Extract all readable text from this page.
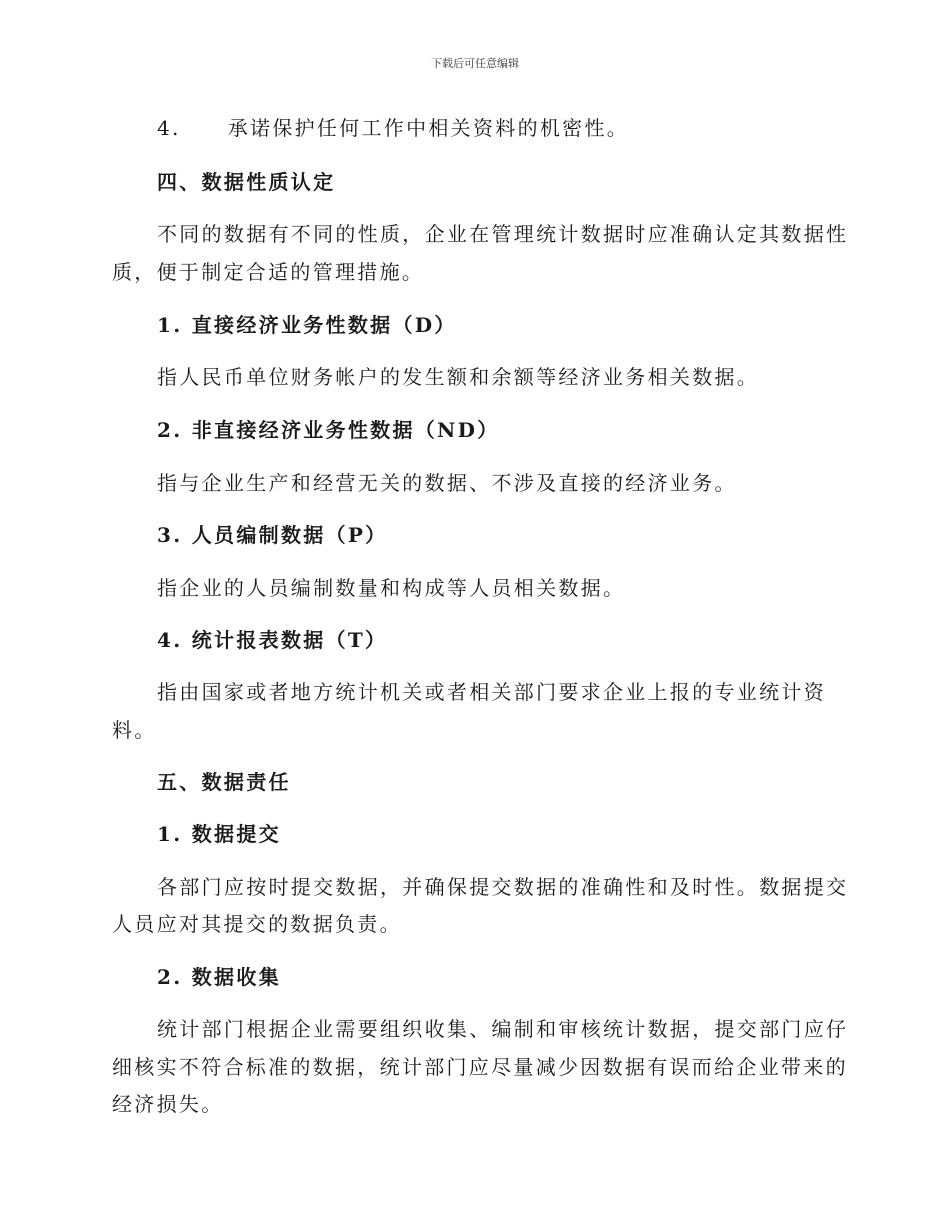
下载后可任意编辑
4. 承诺保护任何工作中相关资料的机密性。
四、数据性质认定
不同的数据有不同的性质，企业在管理统计数据时应准确认定其数据性
质，便于制定合适的管理措施。
1. 直接经济业务性数据（D）
指人民币单位财务帐户的发生额和余额等经济业务相关数据。
2. 非直接经济业务性数据（ND）
指与企业生产和经营无关的数据、不涉及直接的经济业务。
3. 人员编制数据（P）
指企业的人员编制数量和构成等人员相关数据。
4. 统计报表数据（T）
指由国家或者地方统计机关或者相关部门要求企业上报的专业统计资
料。
五、数据责任
1. 数据提交
各部门应按时提交数据，并确保提交数据的准确性和及时性。数据提交
人员应对其提交的数据负责。
2. 数据收集
统计部门根据企业需要组织收集、编制和审核统计数据，提交部门应仔
细核实不符合标准的数据，统计部门应尽量减少因数据有误而给企业带来的
经济损失。
